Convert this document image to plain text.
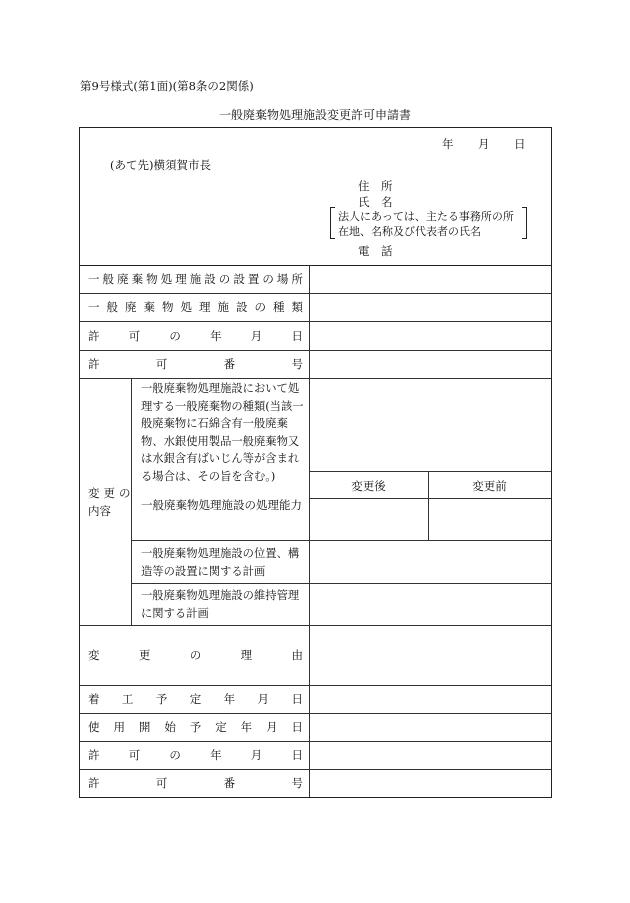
第9号様式(第1面)(第8条の2関係)
一般廃棄物処理施設変更許可申請書
年 月 日
(あて先)横須賀市長
住　所
氏　名
法人にあっては、主たる事務所の所
在地、名称及び代表者の氏名
電　話
一 般 廃 棄 物 処 理 施 設 の 設 置 の 場 所
一 般 廃 棄 物 処 理 施 設 の 種 類
許	可	の	年	月	日
許	可	番	号
変更の
内容
一般廃棄物処理施設において処理する一般廃棄物の種類(当該一般廃棄物に石綿含有一般廃棄物、水銀使用製品一般廃棄物又は水銀含有ばいじん等が含まれる場合は、その旨を含む。)
一般廃棄物処理施設の処理能力
変更後	変更前
一般廃棄物処理施設の位置、構造等の設置に関する計画
一般廃棄物処理施設の維持管理に関する計画
変	更	の	理	由
着 工 予 定 年 月 日
使 用 開 始 予 定 年 月 日
許	可	の	年	月	日
許	可	番	号
